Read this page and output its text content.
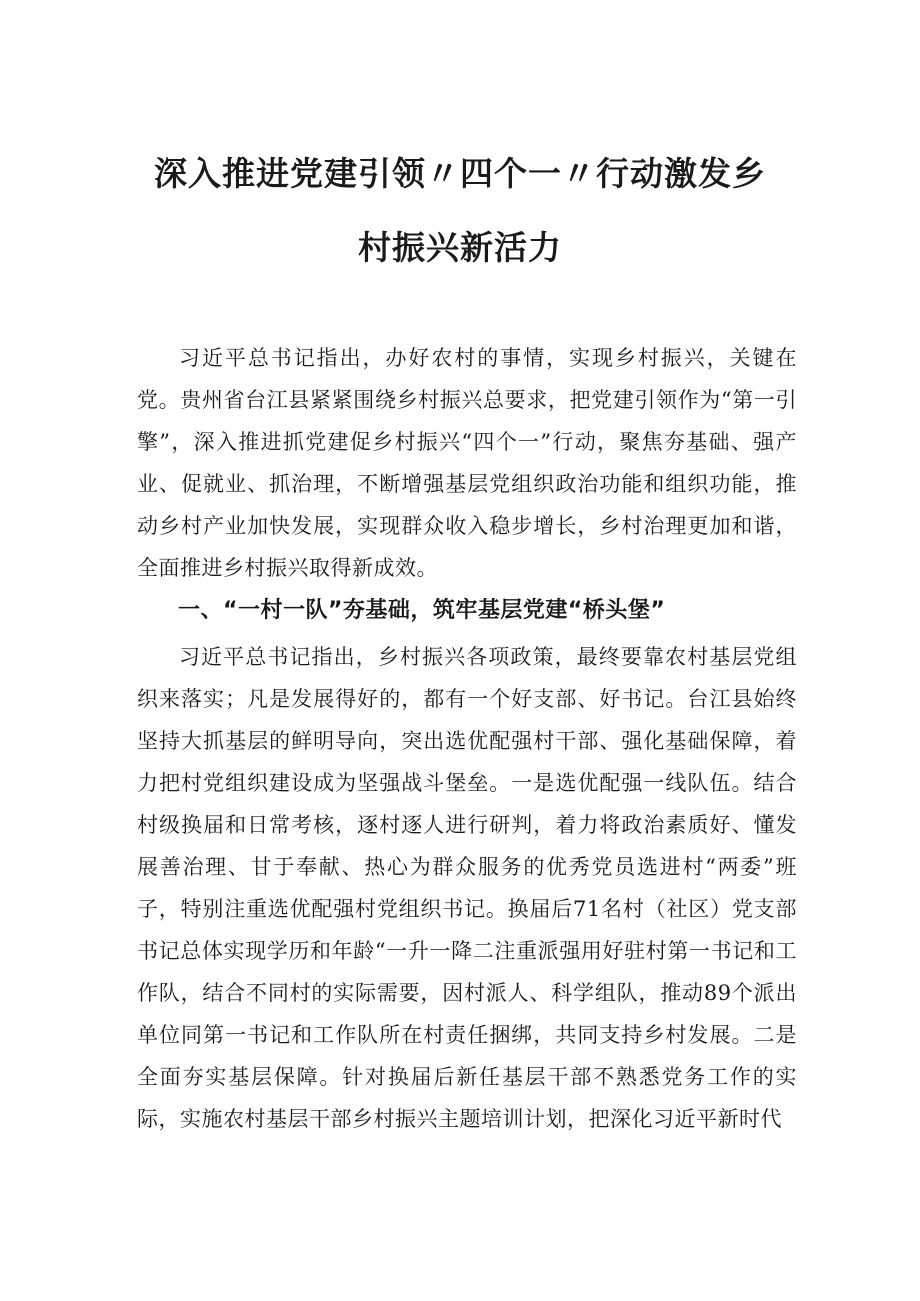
深入推进党建引领〃四个一〃行动激发乡
村振兴新活力

习近平总书记指出，办好农村的事情，实现乡村振兴，关键在党。贵州省台江县紧紧围绕乡村振兴总要求，把党建引领作为“第一引擎”，深入推进抓党建促乡村振兴“四个一”行动，聚焦夯基础、强产业、促就业、抓治理，不断增强基层党组织政治功能和组织功能，推动乡村产业加快发展，实现群众收入稳步增长，乡村治理更加和谐，全面推进乡村振兴取得新成效。

一、“一村一队”夯基础，筑牢基层党建“桥头堡”

习近平总书记指出，乡村振兴各项政策，最终要靠农村基层党组织来落实；凡是发展得好的，都有一个好支部、好书记。台江县始终坚持大抓基层的鲜明导向，突出选优配强村干部、强化基础保障，着力把村党组织建设成为坚强战斗堡垒。一是选优配强一线队伍。结合村级换届和日常考核，逐村逐人进行研判，着力将政治素质好、懂发展善治理、甘于奉献、热心为群众服务的优秀党员选进村“两委”班子，特别注重选优配强村党组织书记。换届后71名村（社区）党支部书记总体实现学历和年龄“一升一降二注重派强用好驻村第一书记和工作队，结合不同村的实际需要，因村派人、科学组队，推动89个派出单位同第一书记和工作队所在村责任捆绑，共同支持乡村发展。二是全面夯实基层保障。针对换届后新任基层干部不熟悉党务工作的实际，实施农村基层干部乡村振兴主题培训计划，把深化习近平新时代
